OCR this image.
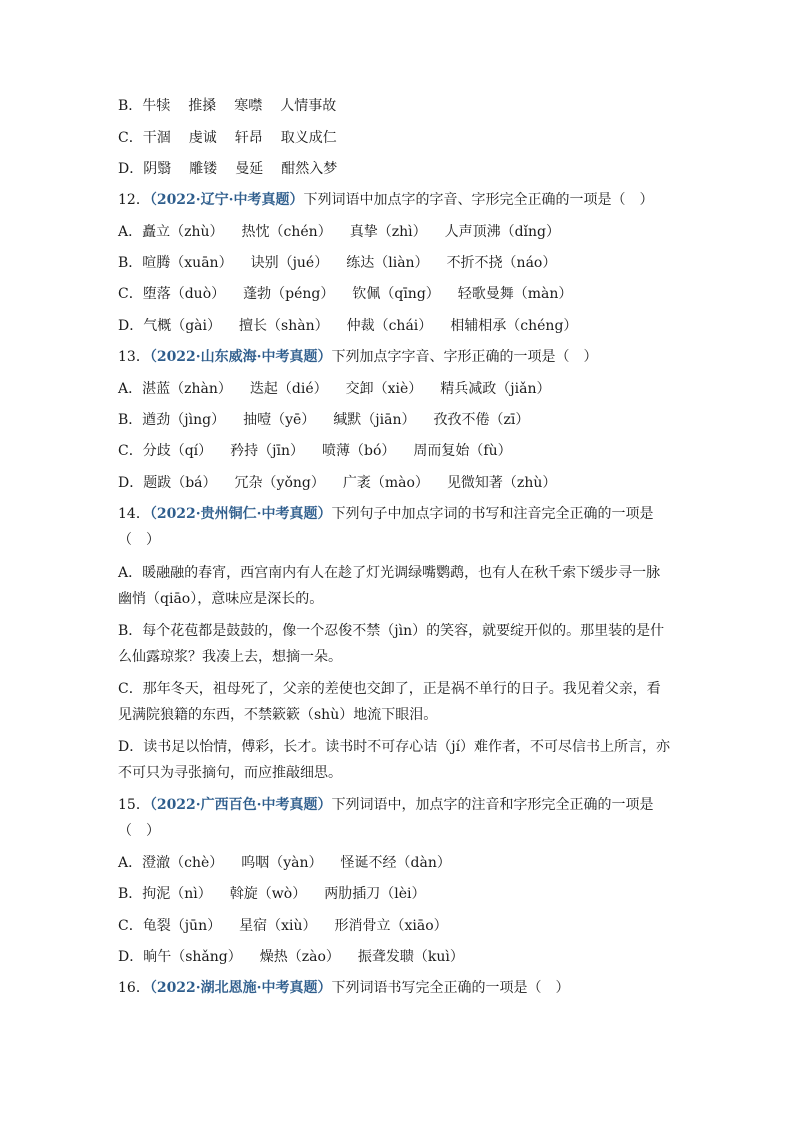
B．牛犊 推搡 寒噤 人情事故
C．干涸 虔诚 轩昂 取义成仁
D．阴翳 雕镂 曼延 酣然入梦
12．（2022·辽宁·中考真题）下列词语中加点字的字音、字形完全正确的一项是（　）
A．矗立（zhù） 热忱（chén） 真挚（zhì） 人声顶沸（dǐng）
B．喧腾（xuān） 诀别（jué） 练达（liàn） 不折不挠（náo）
C．堕落（duò） 蓬勃（péng） 钦佩（qīng） 轻歌曼舞（màn）
D．气概（gài） 擅长（shàn） 仲裁（chái） 相辅相承（chéng）
13．（2022·山东威海·中考真题）下列加点字字音、字形正确的一项是（　）
A．湛蓝（zhàn） 迭起（dié） 交卸（xiè） 精兵减政（jiǎn）
B．遒劲（jìng） 抽噎（yē） 缄默（jiān） 孜孜不倦（zī）
C．分歧（qí） 矜持（jīn） 喷薄（bó） 周而复始（fù）
D．题跋（bá） 冗杂（yǒng） 广袤（mào） 见微知著（zhù）
14．（2022·贵州铜仁·中考真题）下列句子中加点字词的书写和注音完全正确的一项是
（　）
A．暖融融的春宵，西宫南内有人在趁了灯光调绿嘴鹦鹉，也有人在秋千索下缓步寻一脉
幽悄（qiāo），意味应是深长的。
B．每个花苞都是鼓鼓的，像一个忍俊不禁（jìn）的笑容，就要绽开似的。那里装的是什
么仙露琼浆？我凑上去，想摘一朵。
C．那年冬天，祖母死了，父亲的差使也交卸了，正是祸不单行的日子。我见着父亲，看
见满院狼籍的东西，不禁簌簌（shù）地流下眼泪。
D．读书足以怡情，傅彩，长才。读书时不可存心诘（jí）难作者，不可尽信书上所言，亦
不可只为寻张摘句，而应推敲细思。
15．（2022·广西百色·中考真题）下列词语中，加点字的注音和字形完全正确的一项是
（　）
A．澄澈（chè） 呜咽（yàn） 怪诞不经（dàn）
B．拘泥（nì） 斡旋（wò） 两肋插刀（lèi）
C．龟裂（jūn） 星宿（xiù） 形消骨立（xiāo）
D．晌午（shǎng） 燥热（zào） 振聋发聩（kuì）
16．（2022·湖北恩施·中考真题）下列词语书写完全正确的一项是（　）
